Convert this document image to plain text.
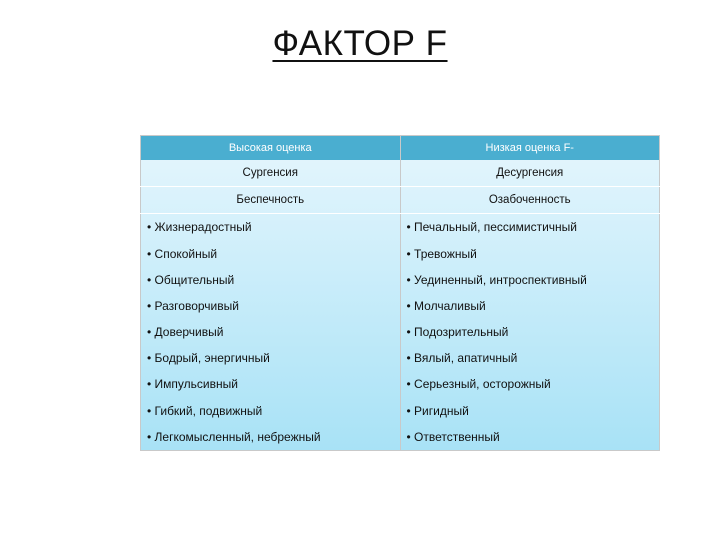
ФАКТОР F
Высокая оценка	Низкая оценка F-
Сургенсия	Десургенсия
Беспечность	Озабоченность
• Жизнерадостный	• Печальный, пессимистичный
• Спокойный	• Тревожный
• Общительный	• Уединенный, интроспективный
• Разговорчивый	• Молчаливый
• Доверчивый	• Подозрительный
• Бодрый, энергичный	• Вялый, апатичный
• Импульсивный	• Серьезный, осторожный
• Гибкий, подвижный	• Ригидный
• Легкомысленный, небрежный	• Ответственный
